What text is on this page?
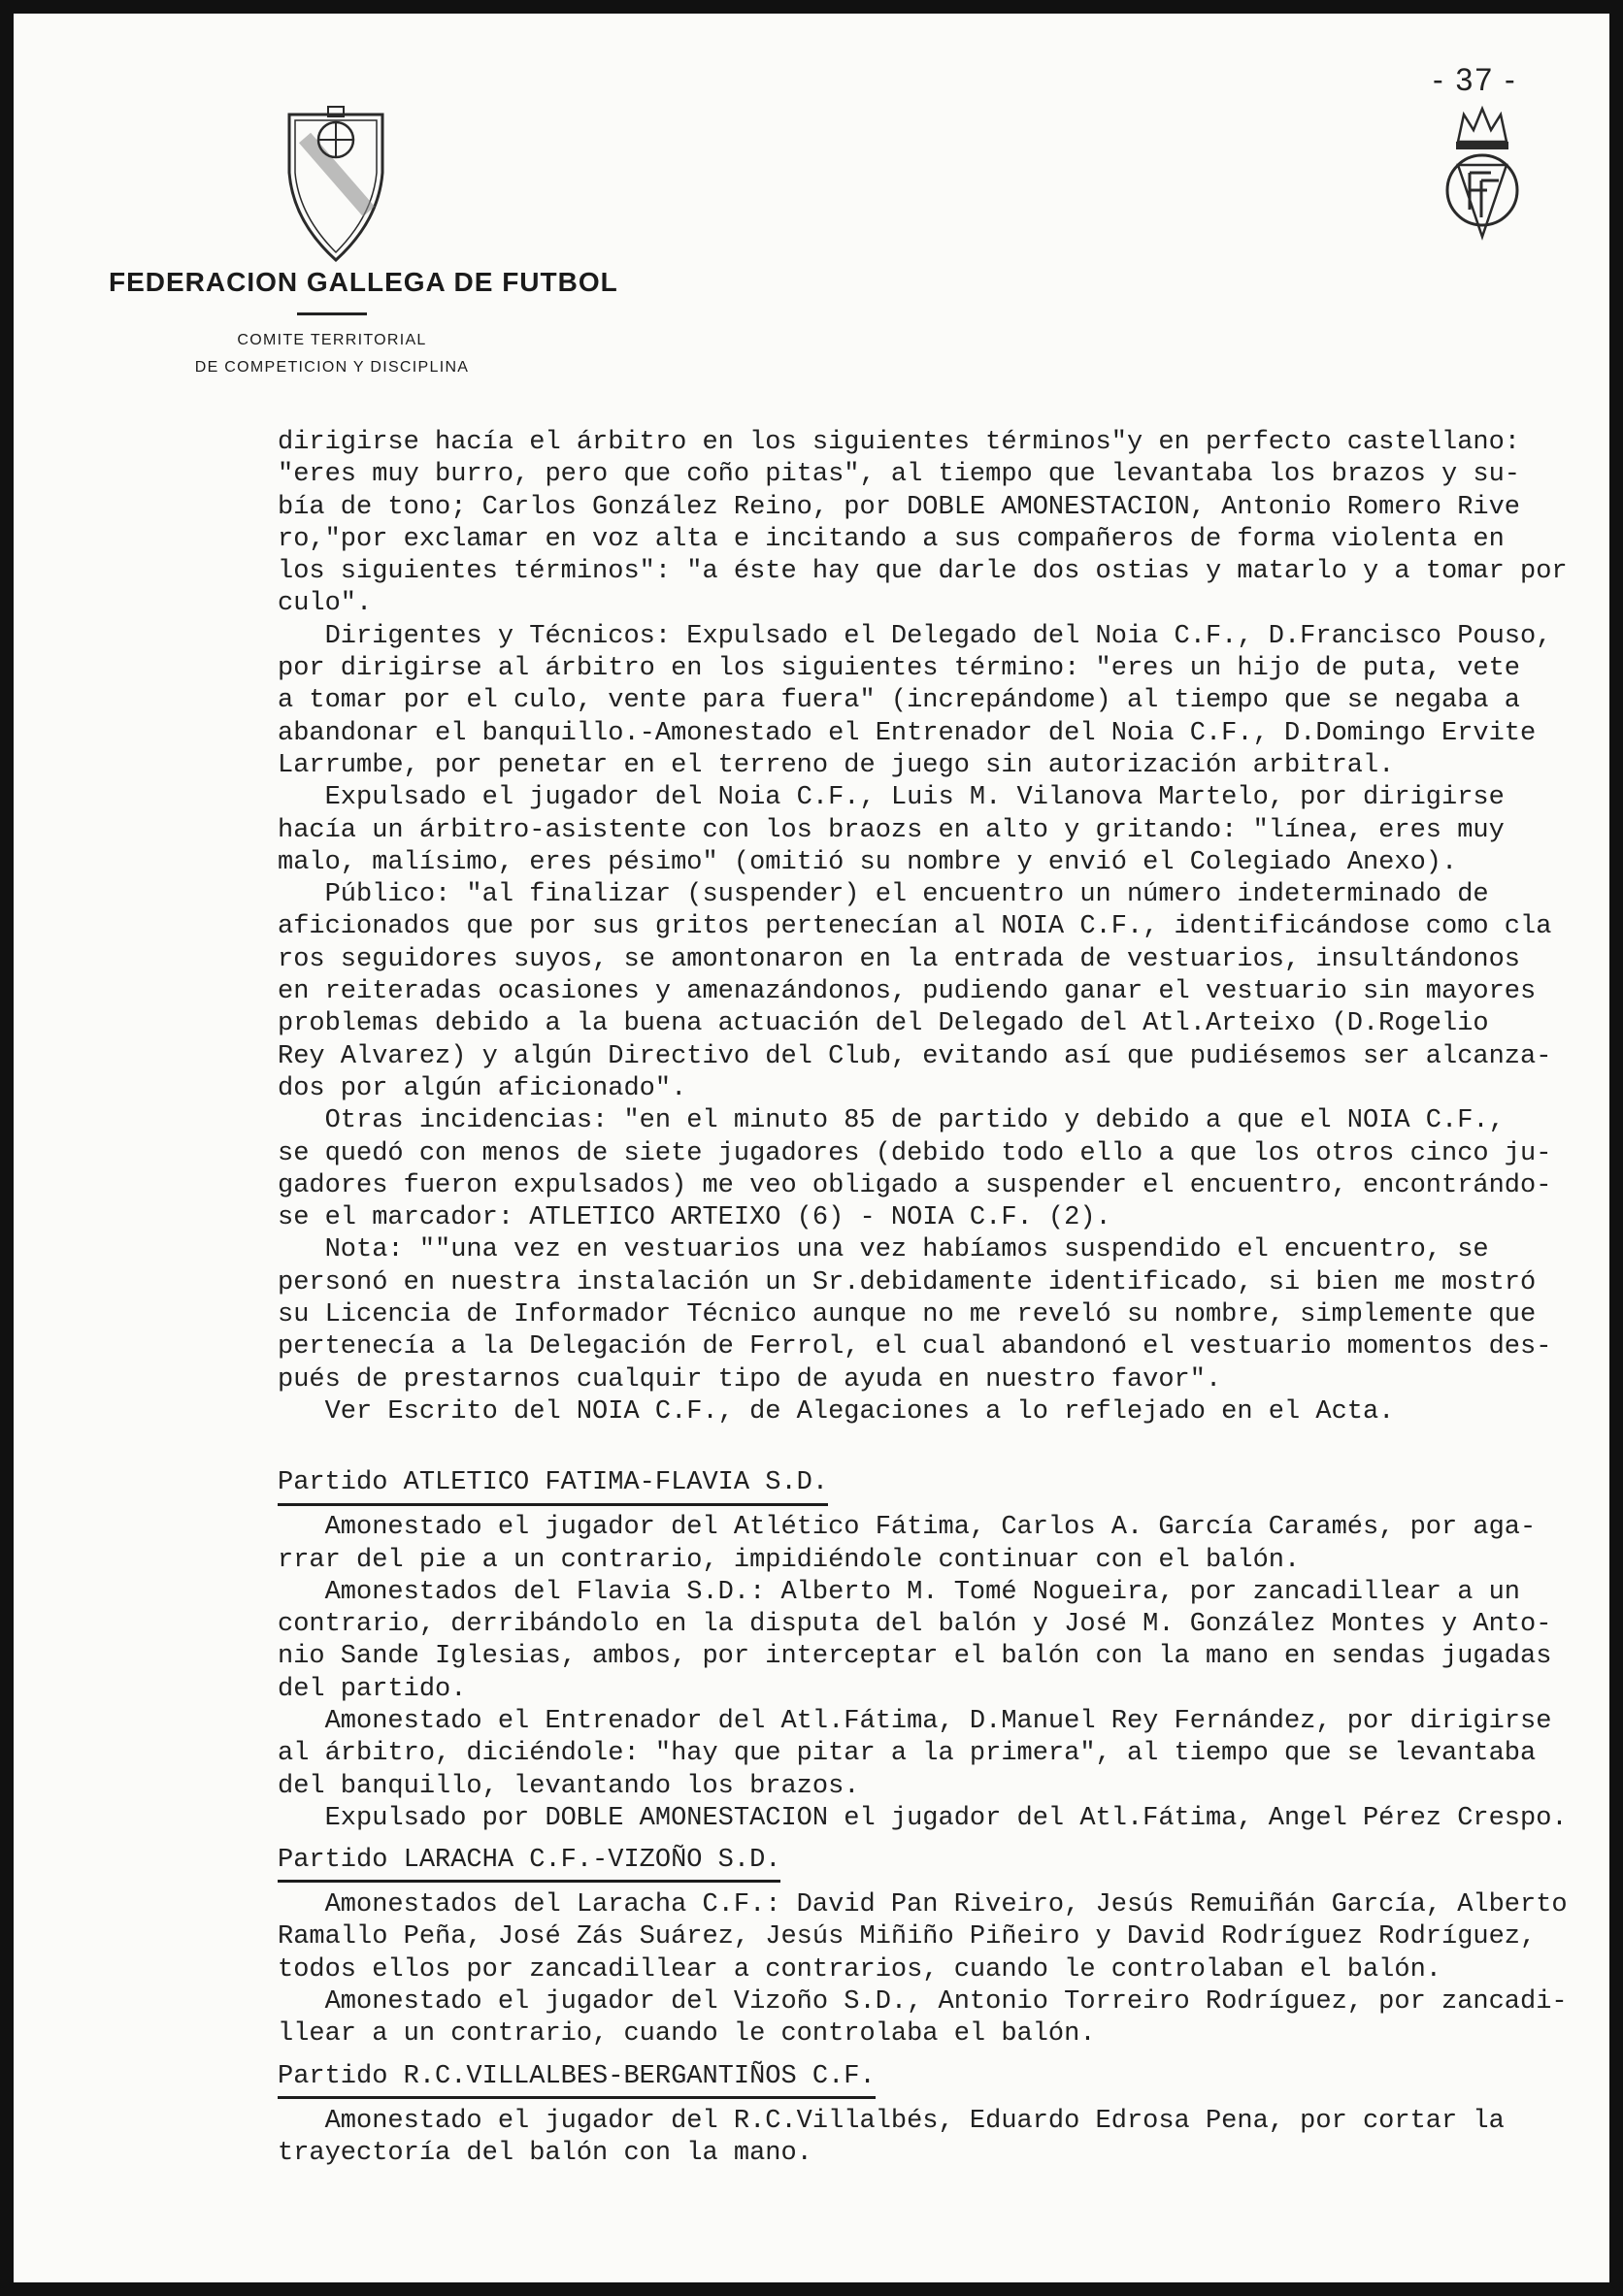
- 37 -
FEDERACION GALLEGA DE FUTBOL
COMITE TERRITORIAL
DE COMPETICION Y DISCIPLINA
dirigirse hacía el árbitro en los siguientes términos"y en perfecto castellano:
"eres muy burro, pero que coño pitas", al tiempo que levantaba los brazos y su-
bía de tono; Carlos González Reino, por DOBLE AMONESTACION, Antonio Romero Rive
ro,"por exclamar en voz alta e incitando a sus compañeros de forma violenta en
los siguientes términos": "a éste hay que darle dos ostias y matarlo y a tomar por
culo".
Dirigentes y Técnicos: Expulsado el Delegado del Noia C.F., D.Francisco Pouso,
por dirigirse al árbitro en los siguientes término: "eres un hijo de puta, vete
a tomar por el culo, vente para fuera" (increpándome) al tiempo que se negaba a
abandonar el banquillo.-Amonestado el Entrenador del Noia C.F., D.Domingo Ervite
Larrumbe, por penetar en el terreno de juego sin autorización arbitral.
Expulsado el jugador del Noia C.F., Luis M. Vilanova Martelo, por dirigirse
hacía un árbitro-asistente con los braozs en alto y gritando: "línea, eres muy
malo, malísimo, eres pésimo" (omitió su nombre y envió el Colegiado Anexo).
Público: "al finalizar (suspender) el encuentro un número indeterminado de
aficionados que por sus gritos pertenecían al NOIA C.F., identificándose como cla
ros seguidores suyos, se amontonaron en la entrada de vestuarios, insultándonos
en reiteradas ocasiones y amenazándonos, pudiendo ganar el vestuario sin mayores
problemas debido a la buena actuación del Delegado del Atl.Arteixo (D.Rogelio
Rey Alvarez) y algún Directivo del Club, evitando así que pudiésemos ser alcanza-
dos por algún aficionado".
Otras incidencias: "en el minuto 85 de partido y debido a que el NOIA C.F.,
se quedó con menos de siete jugadores (debido todo ello a que los otros cinco ju-
gadores fueron expulsados) me veo obligado a suspender el encuentro, encontrándo-
se el marcador: ATLETICO ARTEIXO (6) - NOIA C.F. (2).
Nota: ""una vez en vestuarios una vez habíamos suspendido el encuentro, se
personó en nuestra instalación un Sr.debidamente identificado, si bien me mostró
su Licencia de Informador Técnico aunque no me reveló su nombre, simplemente que
pertenecía a la Delegación de Ferrol, el cual abandonó el vestuario momentos des-
pués de prestarnos cualquir tipo de ayuda en nuestro favor".
Ver Escrito del NOIA C.F., de Alegaciones a lo reflejado en el Acta.
Partido ATLETICO FATIMA-FLAVIA S.D.
Amonestado el jugador del Atlético Fátima, Carlos A. García Caramés, por aga-
rrar del pie a un contrario, impidiéndole continuar con el balón.
Amonestados del Flavia S.D.: Alberto M. Tomé Nogueira, por zancadillear a un
contrario, derribándolo en la disputa del balón y José M. González Montes y Anto-
nio Sande Iglesias, ambos, por interceptar el balón con la mano en sendas jugadas
del partido.
Amonestado el Entrenador del Atl.Fátima, D.Manuel Rey Fernández, por dirigirse
al árbitro, diciéndole: "hay que pitar a la primera", al tiempo que se levantaba
del banquillo, levantando los brazos.
Expulsado por DOBLE AMONESTACION el jugador del Atl.Fátima, Angel Pérez Crespo.
Partido LARACHA C.F.-VIZOÑO S.D.
Amonestados del Laracha C.F.: David Pan Riveiro, Jesús Remuiñán García, Alberto
Ramallo Peña, José Zás Suárez, Jesús Miñiño Piñeiro y David Rodríguez Rodríguez,
todos ellos por zancadillear a contrarios, cuando le controlaban el balón.
Amonestado el jugador del Vizoño S.D., Antonio Torreiro Rodríguez, por zancadi-
llear a un contrario, cuando le controlaba el balón.
Partido R.C.VILLALBES-BERGANTIÑOS C.F.
Amonestado el jugador del R.C.Villalbés, Eduardo Edrosa Pena, por cortar la
trayectoría del balón con la mano.
